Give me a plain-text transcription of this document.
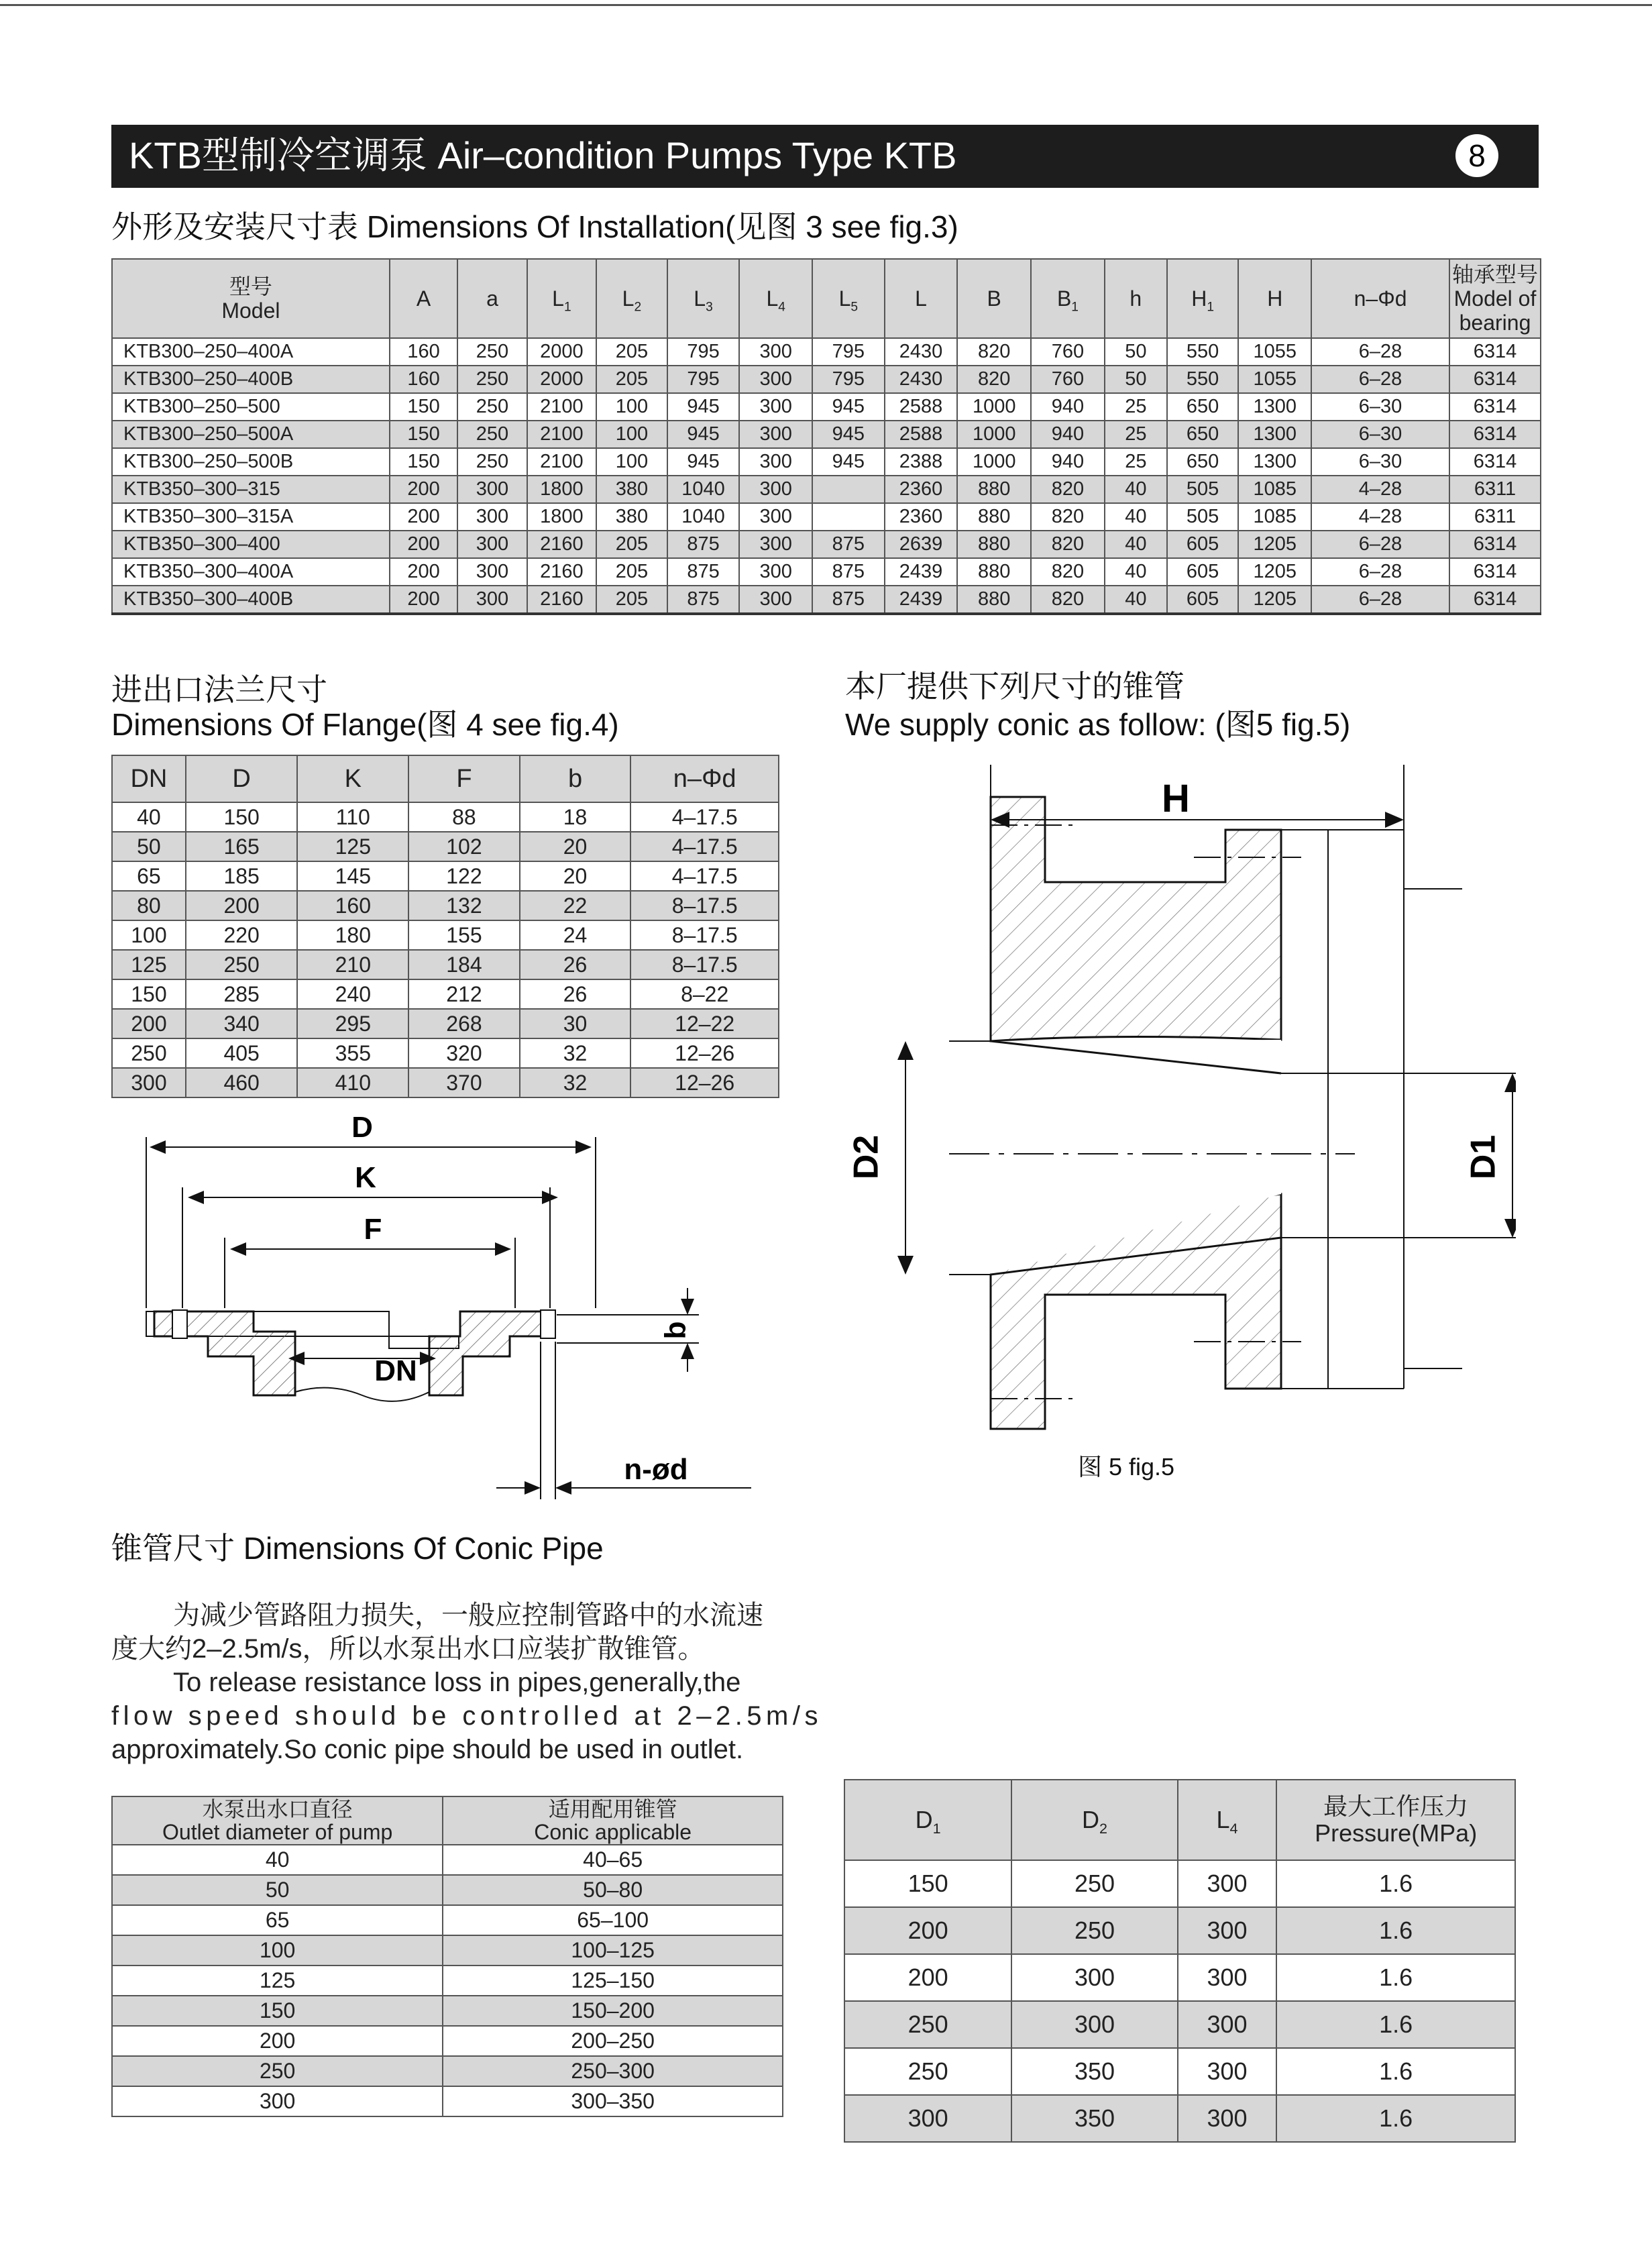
KTB型制冷空调泵 Air–condition Pumps Type KTB	8
外形及安装尺寸表 Dimensions Of Installation(见图 3 see fig.3)
型号
Model	A	a	$L_1$	$L_2$	$L_3$	$L_4$	$L_5$	L	B	$B_1$	h	$H_1$	H	n–Φd	轴承型号
Model of
bearing
KTB300–250–400A	160	250	2000	205	795	300	795	2430	820	760	50	550	1055	6–28	6314
KTB300–250–400B	160	250	2000	205	795	300	795	2430	820	760	50	550	1055	6–28	6314
KTB300–250–500	150	250	2100	100	945	300	945	2588	1000	940	25	650	1300	6–30	6314
KTB300–250–500A	150	250	2100	100	945	300	945	2588	1000	940	25	650	1300	6–30	6314
KTB300–250–500B	150	250	2100	100	945	300	945	2388	1000	940	25	650	1300	6–30	6314
KTB350–300–315	200	300	1800	380	1040	300		2360	880	820	40	505	1085	4–28	6311
KTB350–300–315A	200	300	1800	380	1040	300		2360	880	820	40	505	1085	4–28	6311
KTB350–300–400	200	300	2160	205	875	300	875	2639	880	820	40	605	1205	6–28	6314
KTB350–300–400A	200	300	2160	205	875	300	875	2439	880	820	40	605	1205	6–28	6314
KTB350–300–400B	200	300	2160	205	875	300	875	2439	880	820	40	605	1205	6–28	6314
进出口法兰尺寸
Dimensions Of Flange(图 4 see fig.4)
DN	D	K	F	b	n–Φd
40	150	110	88	18	4–17.5
50	165	125	102	20	4–17.5
65	185	145	122	20	4–17.5
80	200	160	132	22	8–17.5
100	220	180	155	24	8–17.5
125	250	210	184	26	8–17.5
150	285	240	212	26	8–22
200	340	295	268	30	12–22
250	405	355	320	32	12–26
300	460	410	370	32	12–26
D
K
F
DN
b
n-ød
本厂提供下列尺寸的锥管
We supply conic as follow: (图5 fig.5)
H
D2	D1
图 5 fig.5
锥管尺寸 Dimensions Of Conic Pipe
为减少管路阻力损失，一般应控制管路中的水流速
度大约2–2.5m/s，所以水泵出水口应装扩散锥管。
To release resistance loss in pipes,generally,the
flow speed should be controlled at 2–2.5m/s
approximately.So conic pipe should be used in outlet.
水泵出水口直径
Outlet diameter of pump	适用配用锥管
Conic applicable
40	40–65
50	50–80
65	65–100
100	100–125
125	125–150
150	150–200
200	200–250
250	250–300
300	300–350
$D_1$	$D_2$	$L_4$	最大工作压力
Pressure(MPa)
150	250	300	1.6
200	250	300	1.6
200	300	300	1.6
250	300	300	1.6
250	350	300	1.6
300	350	300	1.6
